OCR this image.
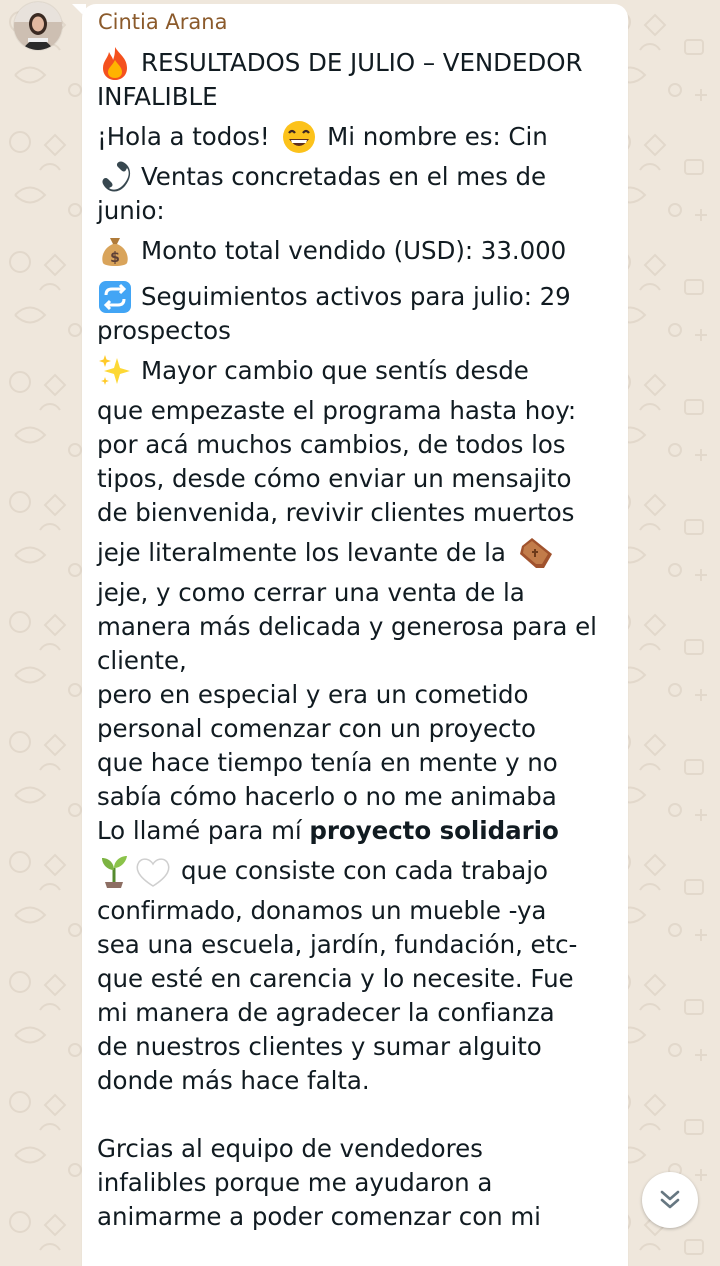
Cintia Arana
RESULTADOS DE JULIO – VENDEDOR
INFALIBLE
¡Hola a todos!
Mi nombre es: Cin
Ventas concretadas en el mes de
junio:
$ Monto total vendido (USD): 33.000
Seguimientos activos para julio: 29
prospectos
Mayor cambio que sentís desde
que empezaste el programa hasta hoy:
por acá muchos cambios, de todos los
tipos, desde cómo enviar un mensajito
de bienvenida, revivir clientes muertos
jeje literalmente los levante de la
jeje, y como cerrar una venta de la
manera más delicada y generosa para el
cliente,
pero en especial y era un cometido
personal comenzar con un proyecto
que hace tiempo tenía en mente y no
sabía cómo hacerlo o no me animaba
Lo llamé para mí proyecto solidario
que consiste con cada trabajo
confirmado, donamos un mueble -ya
sea una escuela, jardín, fundación, etc-
que esté en carencia y lo necesite. Fue
mi manera de agradecer la confianza
de nuestros clientes y sumar alguito
donde más hace falta.
Grcias al equipo de vendedores
infalibles porque me ayudaron a
animarme a poder comenzar con mi
